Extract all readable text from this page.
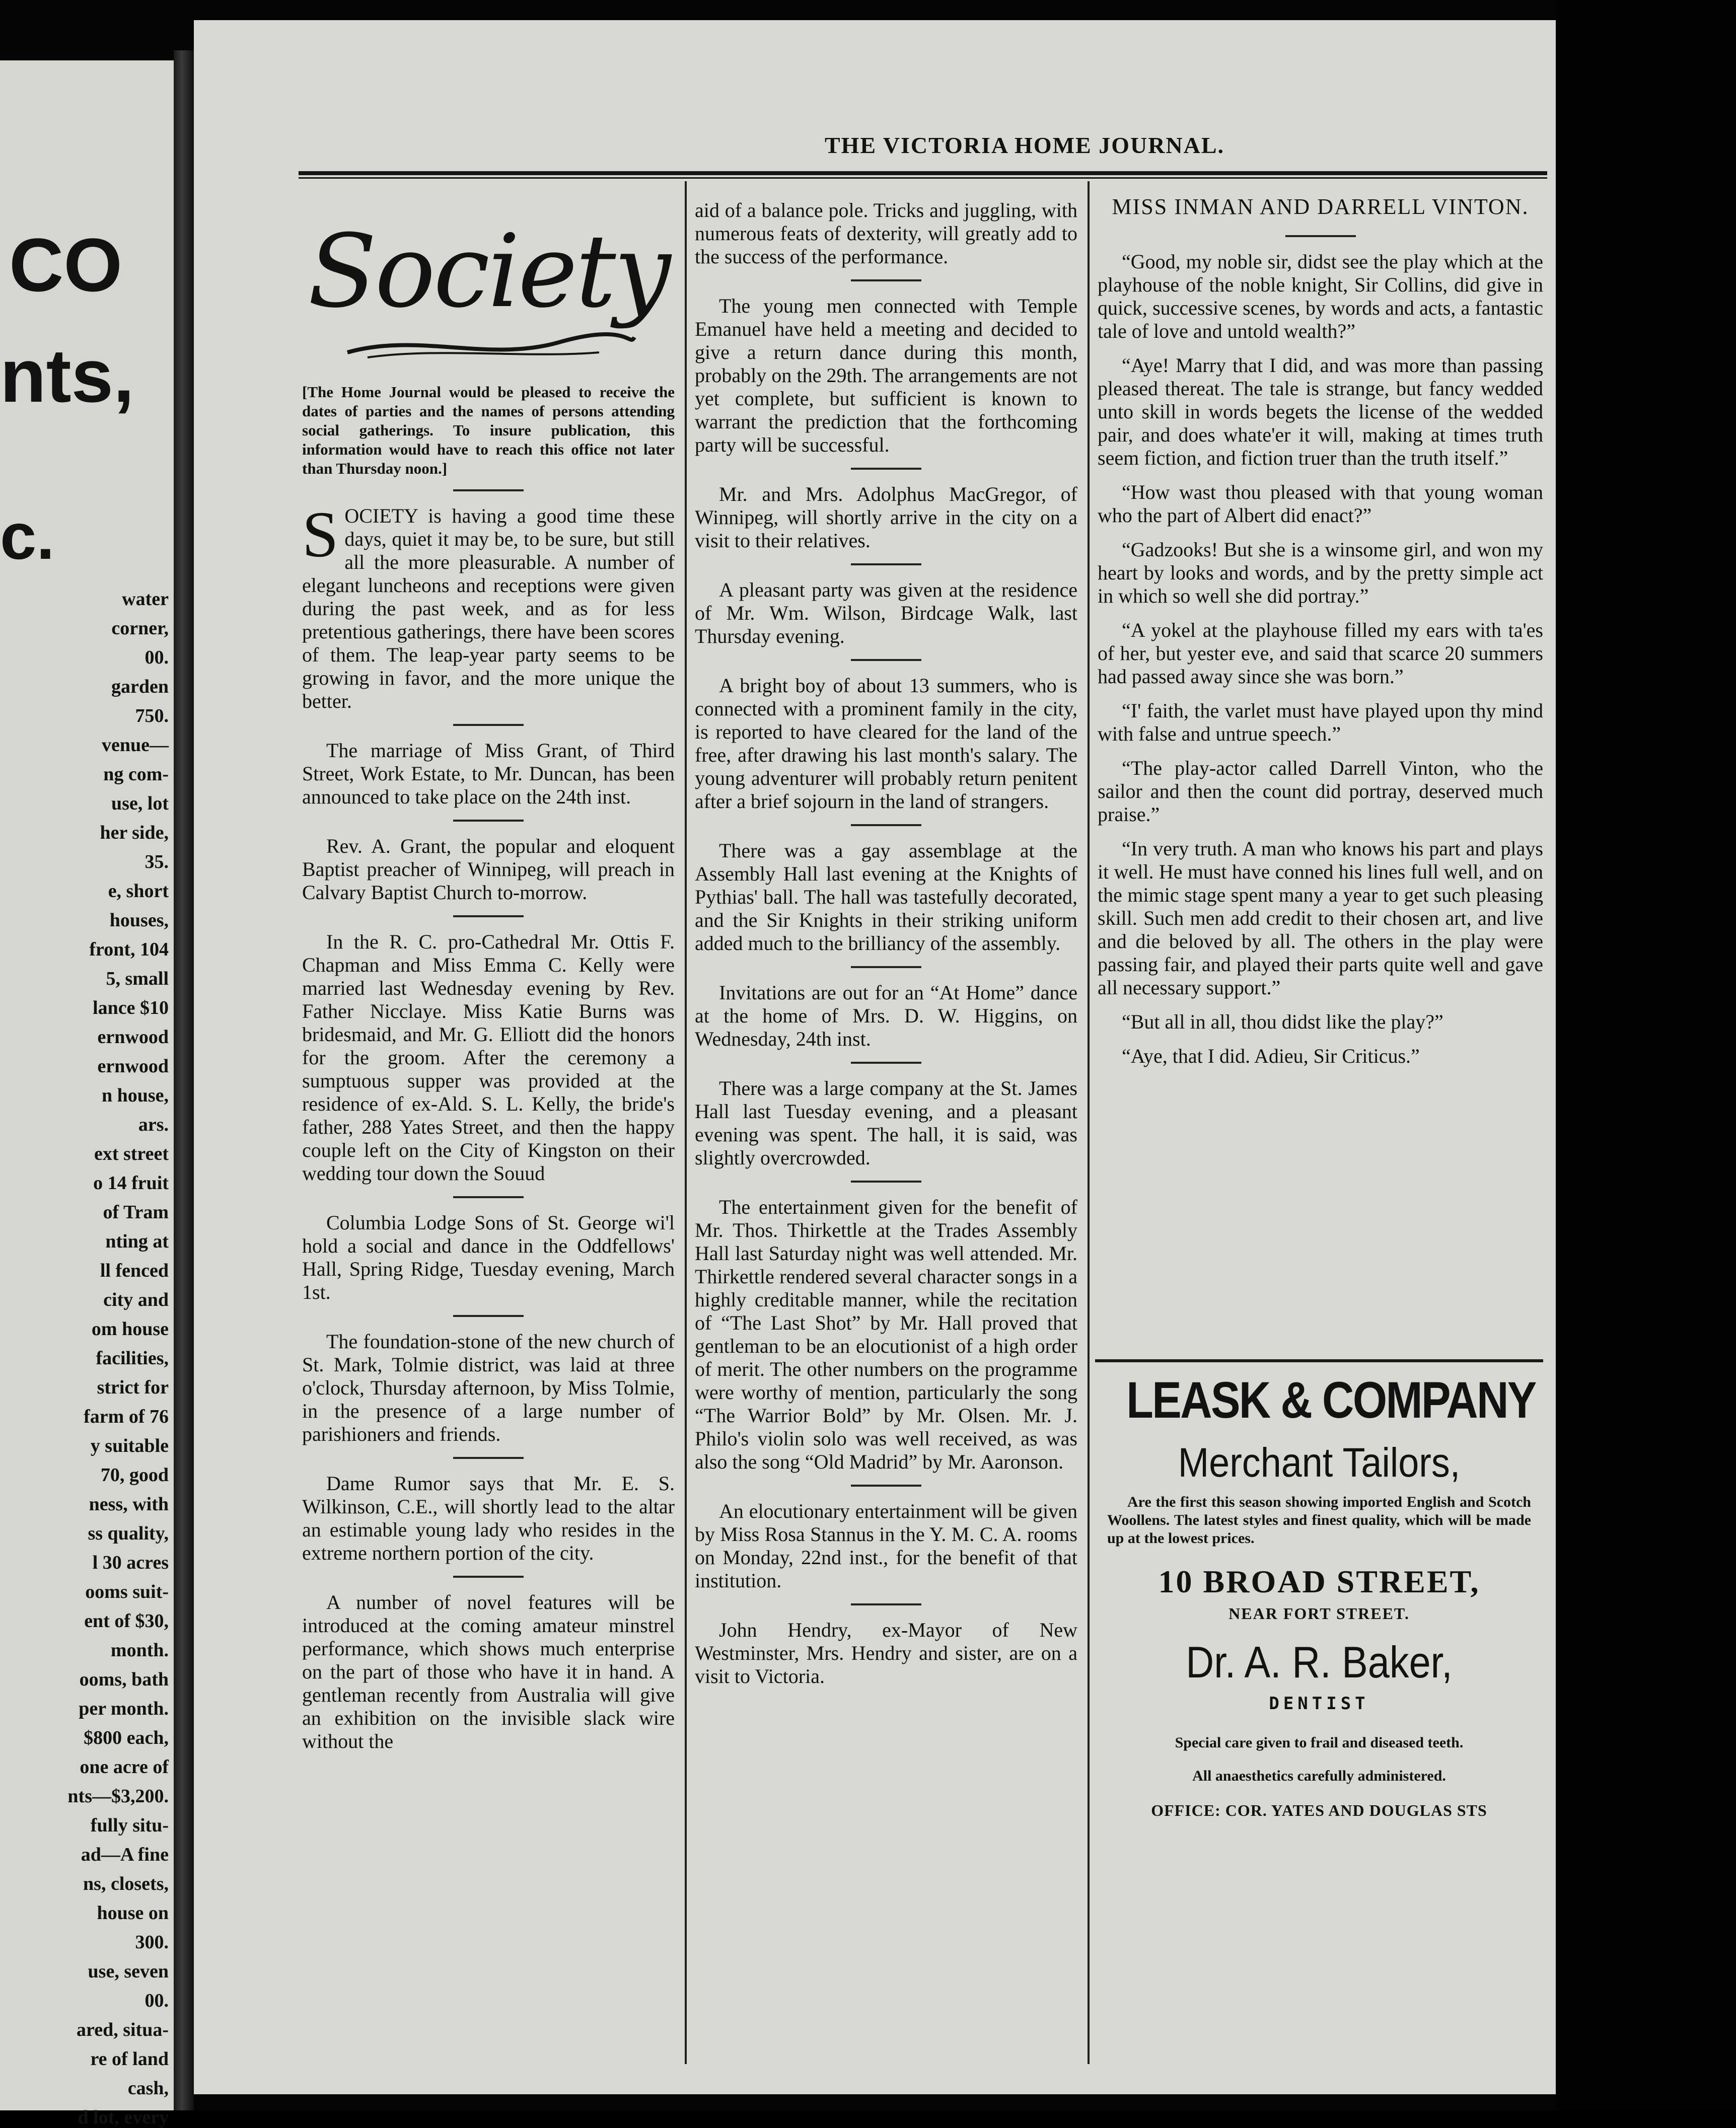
CO
nts,
c.
water
corner,
00.
garden
750.
venue—
ng com-
use, lot
her side,
35.
e, short
houses,
front, 104
5, small
lance $10
ernwood
ernwood
n house,
ars.
ext street
o 14 fruit
of Tram
nting at
ll fenced
city and
om house
facilities,
strict for
farm of 76
y suitable
70, good
ness, with
ss quality,
l 30 acres
ooms suit-
ent of $30,
month.
ooms, bath
per month.
$800 each,
one acre of
nts—$3,200.
fully situ-
ad—A fine
ns, closets,
house on
300.
use, seven
00.
ared, situa-
re of land
cash,
d lot, every
THE VICTORIA HOME JOURNAL.
Society

[The Home Journal would be pleased to receive the dates of parties and the names of persons attending social gatherings. To insure publication, this information would have to reach this office not later than Thursday noon.]

SOCIETY is having a good time these days, quiet it may be, to be sure, but still all the more pleasurable. A number of elegant luncheons and receptions were given during the past week, and as for less pretentious gatherings, there have been scores of them. The leap-year party seems to be growing in favor, and the more unique the better.

The marriage of Miss Grant, of Third Street, Work Estate, to Mr. Duncan, has been announced to take place on the 24th inst.

Rev. A. Grant, the popular and eloquent Baptist preacher of Winnipeg, will preach in Calvary Baptist Church to-morrow.

In the R. C. pro-Cathedral Mr. Ottis F. Chapman and Miss Emma C. Kelly were married last Wednesday evening by Rev. Father Nicclaye. Miss Katie Burns was bridesmaid, and Mr. G. Elliott did the honors for the groom. After the ceremony a sumptuous supper was provided at the residence of ex-Ald. S. L. Kelly, the bride's father, 288 Yates Street, and then the happy couple left on the City of Kingston on their wedding tour down the Souud

Columbia Lodge Sons of St. George wi'l hold a social and dance in the Oddfellows' Hall, Spring Ridge, Tuesday evening, March 1st.

The foundation-stone of the new church of St. Mark, Tolmie district, was laid at three o'clock, Thursday afternoon, by Miss Tolmie, in the presence of a large number of parishioners and friends.

Dame Rumor says that Mr. E. S. Wilkinson, C.E., will shortly lead to the altar an estimable young lady who resides in the extreme northern portion of the city.

A number of novel features will be introduced at the coming amateur minstrel performance, which shows much enterprise on the part of those who have it in hand. A gentleman recently from Australia will give an exhibition on the invisible slack wire without the

aid of a balance pole. Tricks and juggling, with numerous feats of dexterity, will greatly add to the success of the performance.

The young men connected with Temple Emanuel have held a meeting and decided to give a return dance during this month, probably on the 29th. The arrangements are not yet complete, but sufficient is known to warrant the prediction that the forthcoming party will be successful.

Mr. and Mrs. Adolphus MacGregor, of Winnipeg, will shortly arrive in the city on a visit to their relatives.

A pleasant party was given at the residence of Mr. Wm. Wilson, Birdcage Walk, last Thursday evening.

A bright boy of about 13 summers, who is connected with a prominent family in the city, is reported to have cleared for the land of the free, after drawing his last month's salary. The young adventurer will probably return penitent after a brief sojourn in the land of strangers.

There was a gay assemblage at the Assembly Hall last evening at the Knights of Pythias' ball. The hall was tastefully decorated, and the Sir Knights in their striking uniform added much to the brilliancy of the assembly.

Invitations are out for an “At Home” dance at the home of Mrs. D. W. Higgins, on Wednesday, 24th inst.

There was a large company at the St. James Hall last Tuesday evening, and a pleasant evening was spent. The hall, it is said, was slightly overcrowded.

The entertainment given for the benefit of Mr. Thos. Thirkettle at the Trades Assembly Hall last Saturday night was well attended. Mr. Thirkettle rendered several character songs in a highly creditable manner, while the recitation of “The Last Shot” by Mr. Hall proved that gentleman to be an elocutionist of a high order of merit. The other numbers on the programme were worthy of mention, particularly the song “The Warrior Bold” by Mr. Olsen. Mr. J. Philo's violin solo was well received, as was also the song “Old Madrid” by Mr. Aaronson.

An elocutionary entertainment will be given by Miss Rosa Stannus in the Y. M. C. A. rooms on Monday, 22nd inst., for the benefit of that institution.

John Hendry, ex-Mayor of New Westminster, Mrs. Hendry and sister, are on a visit to Victoria.

MISS INMAN AND DARRELL VINTON.

“Good, my noble sir, didst see the play which at the playhouse of the noble knight, Sir Collins, did give in quick, successive scenes, by words and acts, a fantastic tale of love and untold wealth?”

“Aye! Marry that I did, and was more than passing pleased thereat. The tale is strange, but fancy wedded unto skill in words begets the license of the wedded pair, and does whate'er it will, making at times truth seem fiction, and fiction truer than the truth itself.”

“How wast thou pleased with that young woman who the part of Albert did enact?”

“Gadzooks! But she is a winsome girl, and won my heart by looks and words, and by the pretty simple act in which so well she did portray.”

“A yokel at the playhouse filled my ears with ta'es of her, but yester eve, and said that scarce 20 summers had passed away since she was born.”

“I' faith, the varlet must have played upon thy mind with false and untrue speech.”

“The play-actor called Darrell Vinton, who the sailor and then the count did portray, deserved much praise.”

“In very truth. A man who knows his part and plays it well. He must have conned his lines full well, and on the mimic stage spent many a year to get such pleasing skill. Such men add credit to their chosen art, and live and die beloved by all. The others in the play were passing fair, and played their parts quite well and gave all necessary support.”

“But all in all, thou didst like the play?”

“Aye, that I did. Adieu, Sir Criticus.”

LEASK & COMPANY
Merchant Tailors,

Are the first this season showing imported English and Scotch Woollens. The latest styles and finest quality, which will be made up at the lowest prices.

10 BROAD STREET,
NEAR FORT STREET.
Dr. A. R. Baker,
DENTIST

Special care given to frail and diseased teeth.

All anaesthetics carefully administered.

OFFICE: COR. YATES AND DOUGLAS STS
